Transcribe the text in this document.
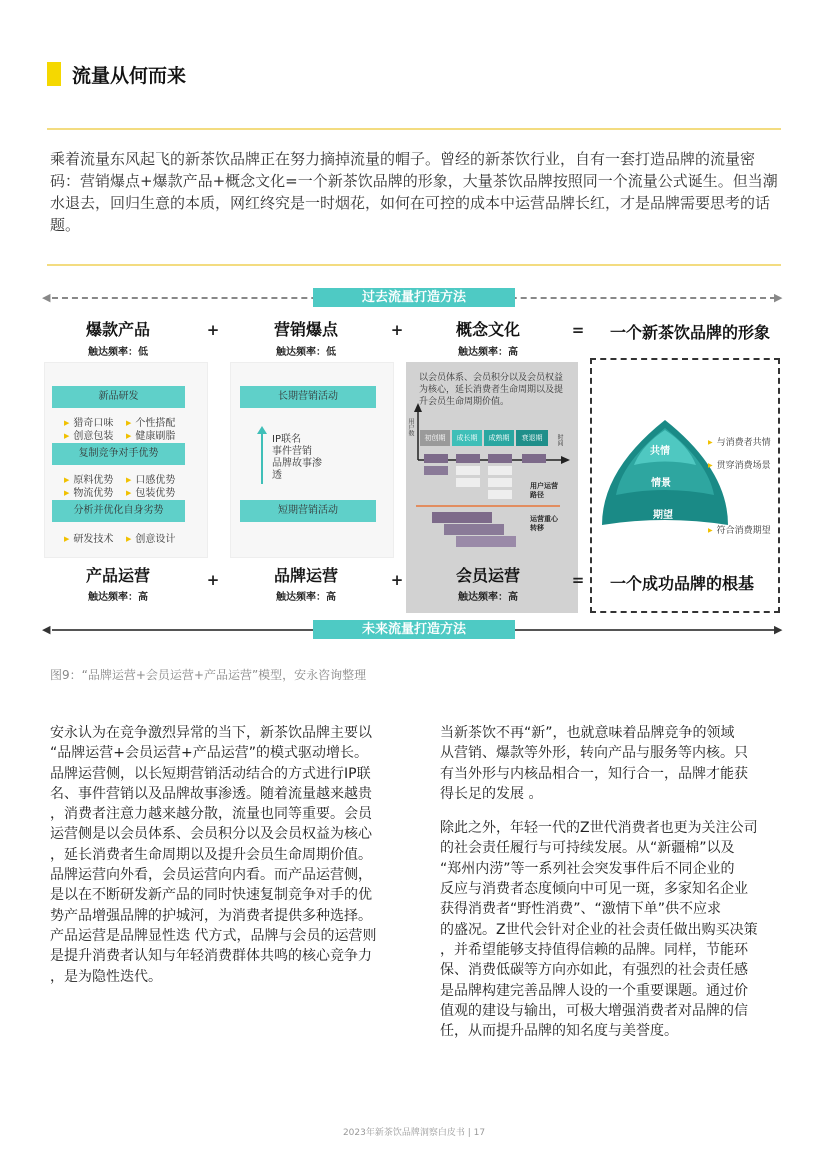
流量从何而来
乘着流量东风起飞的新茶饮品牌正在努力摘掉流量的帽子。曾经的新茶饮行业，自有一套打造品牌的流量密码：营销爆点+爆款产品+概念文化=一个新茶饮品牌的形象，大量茶饮品牌按照同一个流量公式诞生。但当潮水退去，回归生意的本质，网红终究是一时烟花，如何在可控的成本中运营品牌长红，才是品牌需要思考的话题。
◀	▶
过去流量打造方法
爆款产品
触达频率：低
+	营销爆点
触达频率：低
+	概念文化
触达频率：高
= 一个新茶饮品牌的形象
新品研发
▶ 猎奇口味	▶ 个性搭配
▶ 创意包装	▶ 健康刷脂
复制竞争对手优势
▶ 原料优势	▶ 口感优势
▶ 物流优势	▶ 包装优势
分析并优化自身劣势
▶ 研发技术	▶ 创意设计
长期营销活动
IP联名
事件营销
品牌故事渗
透
短期营销活动
以会员体系、会员积分以及会员权益为核心，延长消费者生命周期以及提升会员生命周期价值。
用户数
时间
初创期	成长期	成熟期	衰退期
用户运营路径
运营重心转移
共情
情景
期望
▶ 与消费者共情
▶ 贯穿消费场景
▶ 符合消费期望
产品运营
触达频率：高
+	品牌运营
触达频率：高
+	会员运营
触达频率：高
= 一个成功品牌的根基
◀	▶
未来流量打造方法
图9：“品牌运营+会员运营+产品运营”模型，安永咨询整理
安永认为在竞争激烈异常的当下，新茶饮品牌主要以
“品牌运营+会员运营+产品运营”的模式驱动增长。
品牌运营侧，以长短期营销活动结合的方式进行IP联
名、事件营销以及品牌故事渗透。随着流量越来越贵
，消费者注意力越来越分散，流量也同等重要。会员
运营侧是以会员体系、会员积分以及会员权益为核心
，延长消费者生命周期以及提升会员生命周期价值。
品牌运营向外看，会员运营向内看。而产品运营侧，
是以在不断研发新产品的同时快速复制竞争对手的优
势产品增强品牌的护城河，为消费者提供多种选择。
产品运营是品牌显性迭 代方式，品牌与会员的运营则
是提升消费者认知与年轻消费群体共鸣的核心竞争力
，是为隐性迭代。
当新茶饮不再“新”，也就意味着品牌竞争的领域
从营销、爆款等外形，转向产品与服务等内核。只
有当外形与内核品相合一，知行合一，品牌才能获
得长足的发展 。
除此之外，年轻一代的Z世代消费者也更为关注公司
的社会责任履行与可持续发展。从“新疆棉”以及
“郑州内涝”等一系列社会突发事件后不同企业的
反应与消费者态度倾向中可见一斑，多家知名企业
获得消费者“野性消费”、“激情下单”供不应求
的盛况。Z世代会针对企业的社会责任做出购买决策
，并希望能够支持值得信赖的品牌。同样，节能环
保、消费低碳等方向亦如此，有强烈的社会责任感
是品牌构建完善品牌人设的一个重要课题。通过价
值观的建设与输出，可极大增强消费者对品牌的信
任，从而提升品牌的知名度与美誉度。
2023年新茶饮品牌洞察白皮书 | 17
